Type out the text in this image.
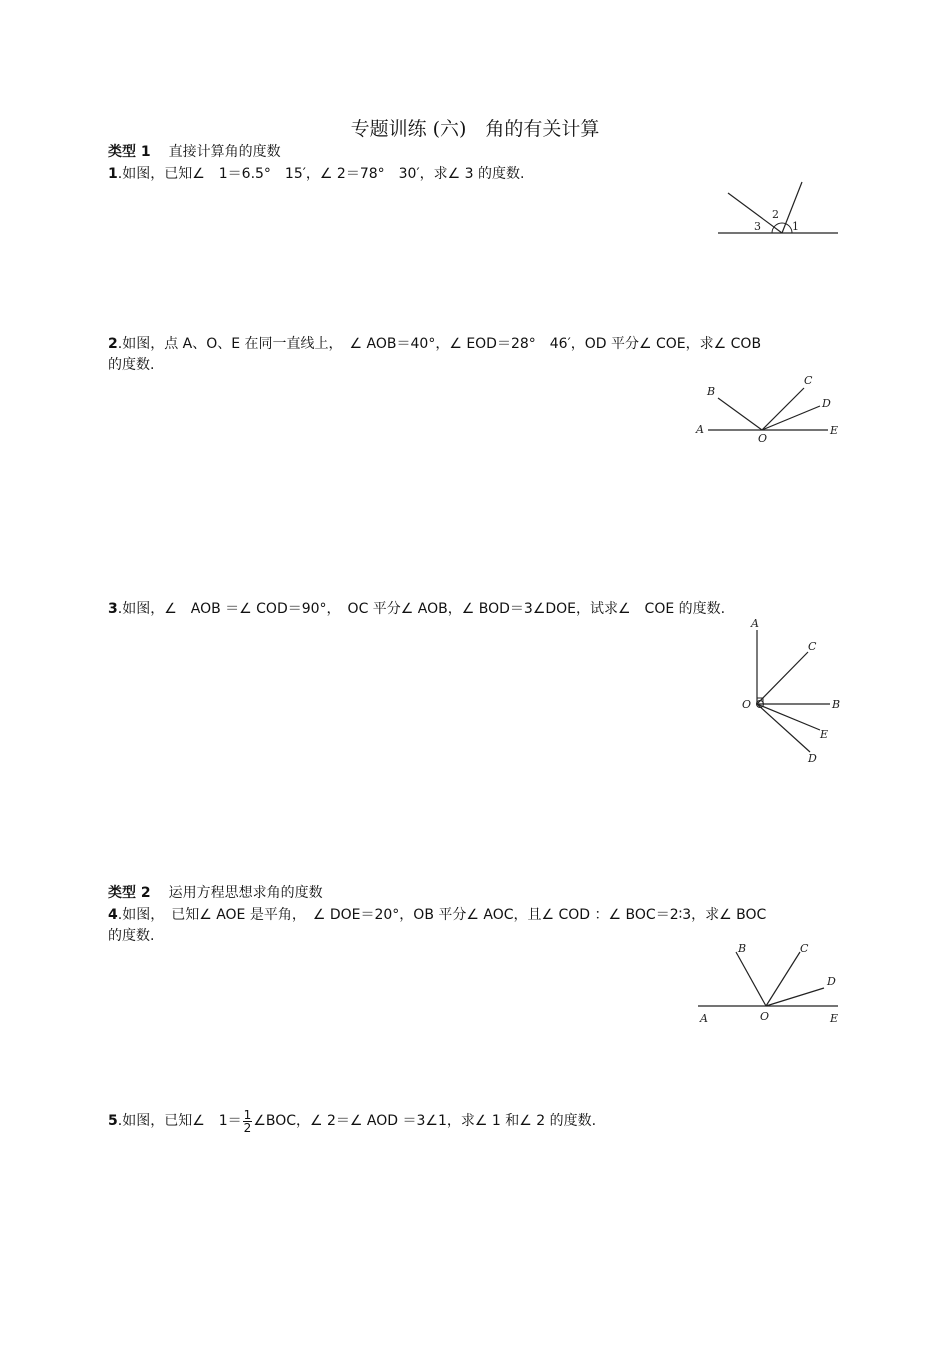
专题训练 (六)　角的有关计算
类型 1 直接计算角的度数
1.如图，已知∠　1＝6.5°　15′，∠ 2＝78°　30′，求∠ 3 的度数.
3
2
1
2.如图，点 A、O、E 在同一直线上，　∠ AOB＝40°，∠ EOD＝28°　46′，OD 平分∠ COE，求∠ COB
的度数.
A
B
C
D
O
E
3.如图，∠　AOB ＝∠ COD＝90°，　OC 平分∠ AOB，∠ BOD＝3∠DOE，试求∠　COE 的度数.
A
C
O	B
E
D
类型 2 运用方程思想求角的度数
4.如图，　已知∠ AOE 是平角，　∠ DOE＝20°，OB 平分∠ AOC，且∠ COD ：∠ BOC＝2∶3，求∠ BOC
的度数.
B	C
D
A	O	E
5.如图，已知∠　$1= \frac{1}{2}$ ∠BOC，∠ 2＝∠ AOD ＝3∠1，求∠ 1 和∠ 2 的度数.
